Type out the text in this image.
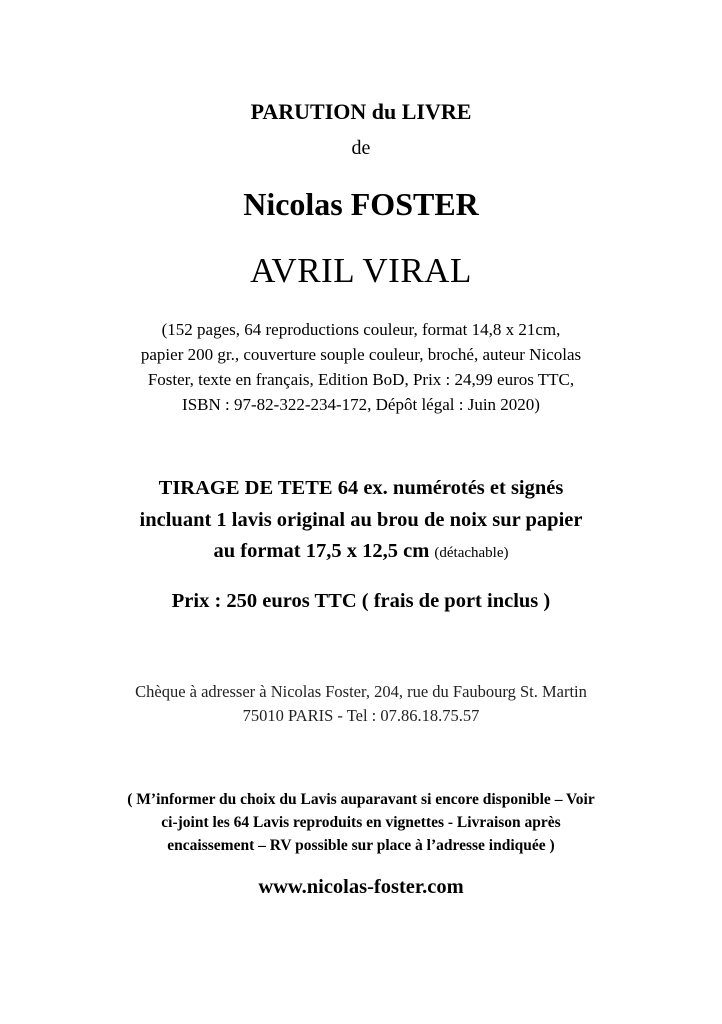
PARUTION du LIVRE
de
Nicolas FOSTER
AVRIL VIRAL
(152 pages, 64 reproductions couleur, format 14,8 x 21cm,
papier 200 gr., couverture souple couleur, broché, auteur Nicolas
Foster, texte en français, Edition BoD, Prix : 24,99 euros TTC,
ISBN : 97-82-322-234-172, Dépôt légal : Juin 2020)
TIRAGE DE TETE 64 ex. numérotés et signés
incluant 1 lavis original au brou de noix sur papier
au format 17,5 x 12,5 cm (détachable)
Prix : 250 euros TTC ( frais de port inclus )
Chèque à adresser à Nicolas Foster, 204, rue du Faubourg St. Martin
75010 PARIS - Tel : 07.86.18.75.57
( M’informer du choix du Lavis auparavant si encore disponible – Voir
ci-joint les 64 Lavis reproduits en vignettes - Livraison après
encaissement – RV possible sur place à l’adresse indiquée )
www.nicolas-foster.com
